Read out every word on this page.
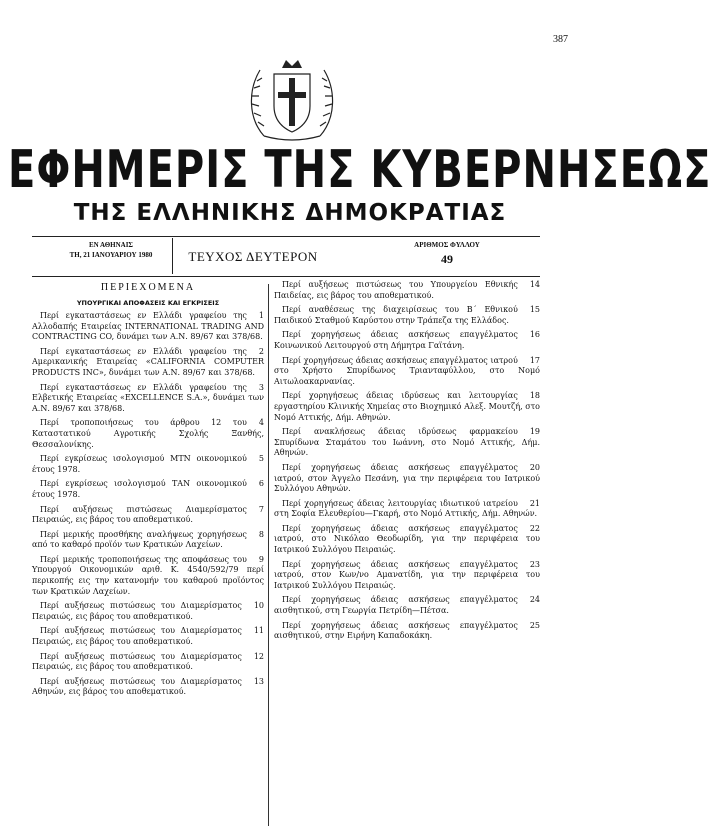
387
ΕΦΗΜΕΡΙΣ ΤΗΣ ΚΥΒΕΡΝΗΣΕΩΣ
ΤΗΣ ΕΛΛΗΝΙΚΗΣ ΔΗΜΟΚΡΑΤΙΑΣ
ΕΝ ΑΘΗΝΑΙΣ
ΤΗ, 21 ΙΑΝΟΥΑΡΙΟΥ 1980	ΤΕΥΧΟΣ ΔΕΥΤΕΡΟΝ
ΑΡΙΘΜΟΣ ΦΥΛΛΟΥ
49
ΠΕΡΙΕΧΟΜΕΝΑ
ΥΠΟΥΡΓΙΚΑΙ ΑΠΟΦΑΣΕΙΣ ΚΑΙ ΕΓΚΡΙΣΕΙΣ
1
Περί εγκαταστάσεως εν Ελλάδι γραφείου της Αλλοδαπής Εταιρείας INTERNATIONAL TRADING AND CONTRACTING CO, δυνάμει των Α.Ν. 89/67 και 378/68.
2
Περί εγκαταστάσεως εν Ελλάδι γραφείου της Αμερικανικής Εταιρείας «CALIFORNIA COMPUTER PRODUCTS INC», δυνάμει των Α.Ν. 89/67 και 378/68.
3
Περί εγκαταστάσεως εν Ελλάδι γραφείου της Ελβετικής Εταιρείας «EXCELLENCE S.A.», δυνάμει των Α.Ν. 89/67 και 378/68.
4
Περί τροποποιήσεως του άρθρου 12 του Καταστατικού Αγροτικής Σχολής Ξανθής, Θεσσαλονίκης.
5
Περί εγκρίσεως ισολογισμού ΜΤΝ οικονομικού έτους 1978.
6
Περί εγκρίσεως ισολογισμού ΤΑΝ οικονομικού έτους 1978.
7
Περί αυξήσεως πιστώσεως Διαμερίσματος Πειραιώς, εις βάρος του αποθεματικού.
8
Περί μερικής προσθήκης αναλήψεως χορηγήσεως από το καθαρό προϊόν των Κρατικών Λαχείων.
9
Περί μερικής τροποποιήσεως της αποφάσεως του Υπουργού Οικονομικών αριθ. Κ. 4540/592/79 περί περικοπής εις την κατανομήν του καθαρού προϊόντος των Κρατικών Λαχείων.
10
Περί αυξήσεως πιστώσεως του Διαμερίσματος Πειραιώς, εις βάρος του αποθεματικού.
11
Περί αυξήσεως πιστώσεως του Διαμερίσματος Πειραιώς, εις βάρος του αποθεματικού.
12
Περί αυξήσεως πιστώσεως του Διαμερίσματος Πειραιώς, εις βάρος του αποθεματικού.
13
Περί αυξήσεως πιστώσεως του Διαμερίσματος Αθηνών, εις βάρος του αποθεματικού.
14
Περί αυξήσεως πιστώσεως του Υπουργείου Εθνικής Παιδείας, εις βάρος του αποθεματικού.
15
Περί αναθέσεως της διαχειρίσεως του Β΄ Εθνικού Παιδικού Σταθμού Καρύστου στην Τράπεζα της Ελλάδος.
16
Περί χορηγήσεως άδειας ασκήσεως επαγγέλματος Κοινωνικού Λειτουργού στη Δήμητρα Γαϊτάνη.
17
Περί χορηγήσεως άδειας ασκήσεως επαγγέλματος ιατρού στο Χρήστο Σπυρίδωνος Τριανταφύλλου, στο Νομό Αιτωλοακαρνανίας.
18
Περί χορηγήσεως άδειας ιδρύσεως και λειτουργίας εργαστηρίου Κλινικής Χημείας στο Βιοχημικό Αλεξ. Μουτζή, στο Νομό Αττικής, Δήμ. Αθηνών.
19
Περί ανακλήσεως άδειας ιδρύσεως φαρμακείου Σπυρίδωνα Σταμάτου του Ιωάννη, στο Νομό Αττικής, Δήμ. Αθηνών.
20
Περί χορηγήσεως άδειας ασκήσεως επαγγέλματος ιατρού, στον Άγγελο Πεσάνη, για την περιφέρεια του Ιατρικού Συλλόγου Αθηνών.
21
Περί χορηγήσεως άδειας λειτουργίας ιδιωτικού ιατρείου στη Σοφία Ελευθερίου—Γκαρή, στο Νομό Αττικής, Δήμ. Αθηνών.
22
Περί χορηγήσεως άδειας ασκήσεως επαγγέλματος ιατρού, στο Νικόλαο Θεοδωρίδη, για την περιφέρεια του Ιατρικού Συλλόγου Πειραιώς.
23
Περί χορηγήσεως άδειας ασκήσεως επαγγέλματος ιατρού, στον Κων/νο Αμανατίδη, για την περιφέρεια του Ιατρικού Συλλόγου Πειραιώς.
24
Περί χορηγήσεως άδειας ασκήσεως επαγγέλματος αισθητικού, στη Γεωργία Πετρίδη—Πέτσα.
25
Περί χορηγήσεως άδειας ασκήσεως επαγγέλματος αισθητικού, στην Ειρήνη Καπαδοκάκη.
